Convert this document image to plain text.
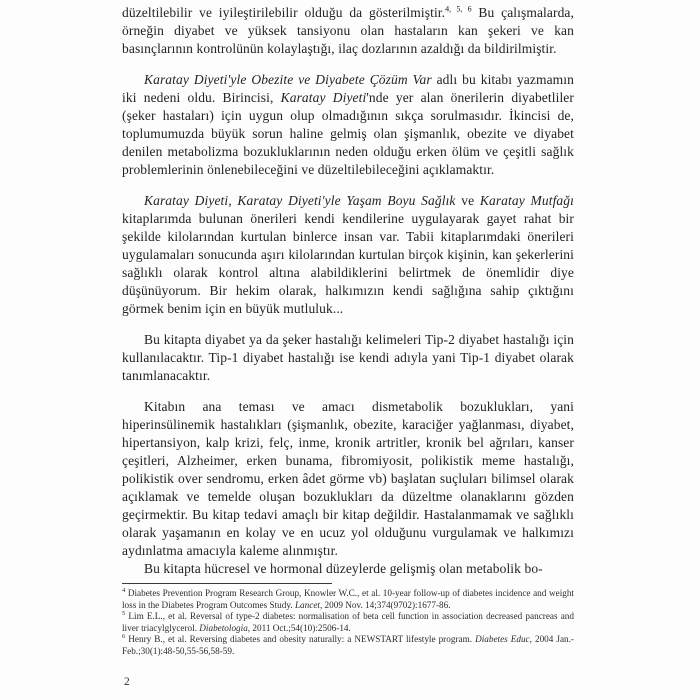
düzeltilebilir ve iyileştirilebilir olduğu da gösterilmiştir.$^{4, 5, 6}$ Bu çalışmalarda, örneğin diyabet ve yüksek tansiyonu olan hastaların kan şekeri ve kan basınçlarının kontrolünün kolaylaştığı, ilaç dozlarının azaldığı da bildirilmiştir.

Karatay Diyeti'yle Obezite ve Diyabete Çözüm Var adlı bu kitabı yazmamın iki nedeni oldu. Birincisi, Karatay Diyeti'nde yer alan önerilerin diyabetliler (şeker hastaları) için uygun olup olmadığının sıkça sorulmasıdır. İkincisi de, toplumumuzda büyük sorun haline gelmiş olan şişmanlık, obezite ve diyabet denilen metabolizma bozukluklarının neden olduğu erken ölüm ve çeşitli sağlık problemlerinin önlenebileceğini ve düzeltilebileceğini açıklamaktır.

Karatay Diyeti, Karatay Diyeti'yle Yaşam Boyu Sağlık ve Karatay Mutfağı kitaplarımda bulunan önerileri kendi kendilerine uygulayarak gayet rahat bir şekilde kilolarından kurtulan binlerce insan var. Tabii kitaplarımdaki önerileri uygulamaları sonucunda aşırı kilolarından kurtulan birçok kişinin, kan şekerlerini sağlıklı olarak kontrol altına alabildiklerini belirtmek de önemlidir diye düşünüyorum. Bir hekim olarak, halkımızın kendi sağlığına sahip çıktığını görmek benim için en büyük mutluluk...

Bu kitapta diyabet ya da şeker hastalığı kelimeleri Tip-2 diyabet hastalığı için kullanılacaktır. Tip-1 diyabet hastalığı ise kendi adıyla yani Tip-1 diyabet olarak tanımlanacaktır.

Kitabın ana teması ve amacı dismetabolik bozuklukları, yani hiperinsülinemik hastalıkları (şişmanlık, obezite, karaciğer yağlanması, diyabet, hipertansiyon, kalp krizi, felç, inme, kronik artritler, kronik bel ağrıları, kanser çeşitleri, Alzheimer, erken bunama, fibromiyosit, polikistik meme hastalığı, polikistik over sendromu, erken âdet görme vb) başlatan suçluları bilimsel olarak açıklamak ve temelde oluşan bozuklukları da düzeltme olanaklarını gözden geçirmektir. Bu kitap tedavi amaçlı bir kitap değildir. Hastalanmamak ve sağlıklı olarak yaşamanın en kolay ve en ucuz yol olduğunu vurgulamak ve halkımızı aydınlatma amacıyla kaleme alınmıştır.

Bu kitapta hücresel ve hormonal düzeylerde gelişmiş olan metabolik bo-

$^4$ Diabetes Prevention Program Research Group, Knowler W.C., et al. 10-year follow-up of diabetes incidence and weight loss in the Diabetes Program Outcomes Study. Lancet, 2009 Nov. 14;374(9702):1677-86.

$^5$ Lim E.L., et al. Reversal of type-2 diabetes: normalisation of beta cell function in association decreased pancreas and liver triacylglycerol. Diabetologia, 2011 Oct.;54(10):2506-14.

$^6$ Henry B., et al. Reversing diabetes and obesity naturally: a NEWSTART lifestyle program. Diabetes Educ, 2004 Jan.-Feb.;30(1):48-50,55-56,58-59.

2
